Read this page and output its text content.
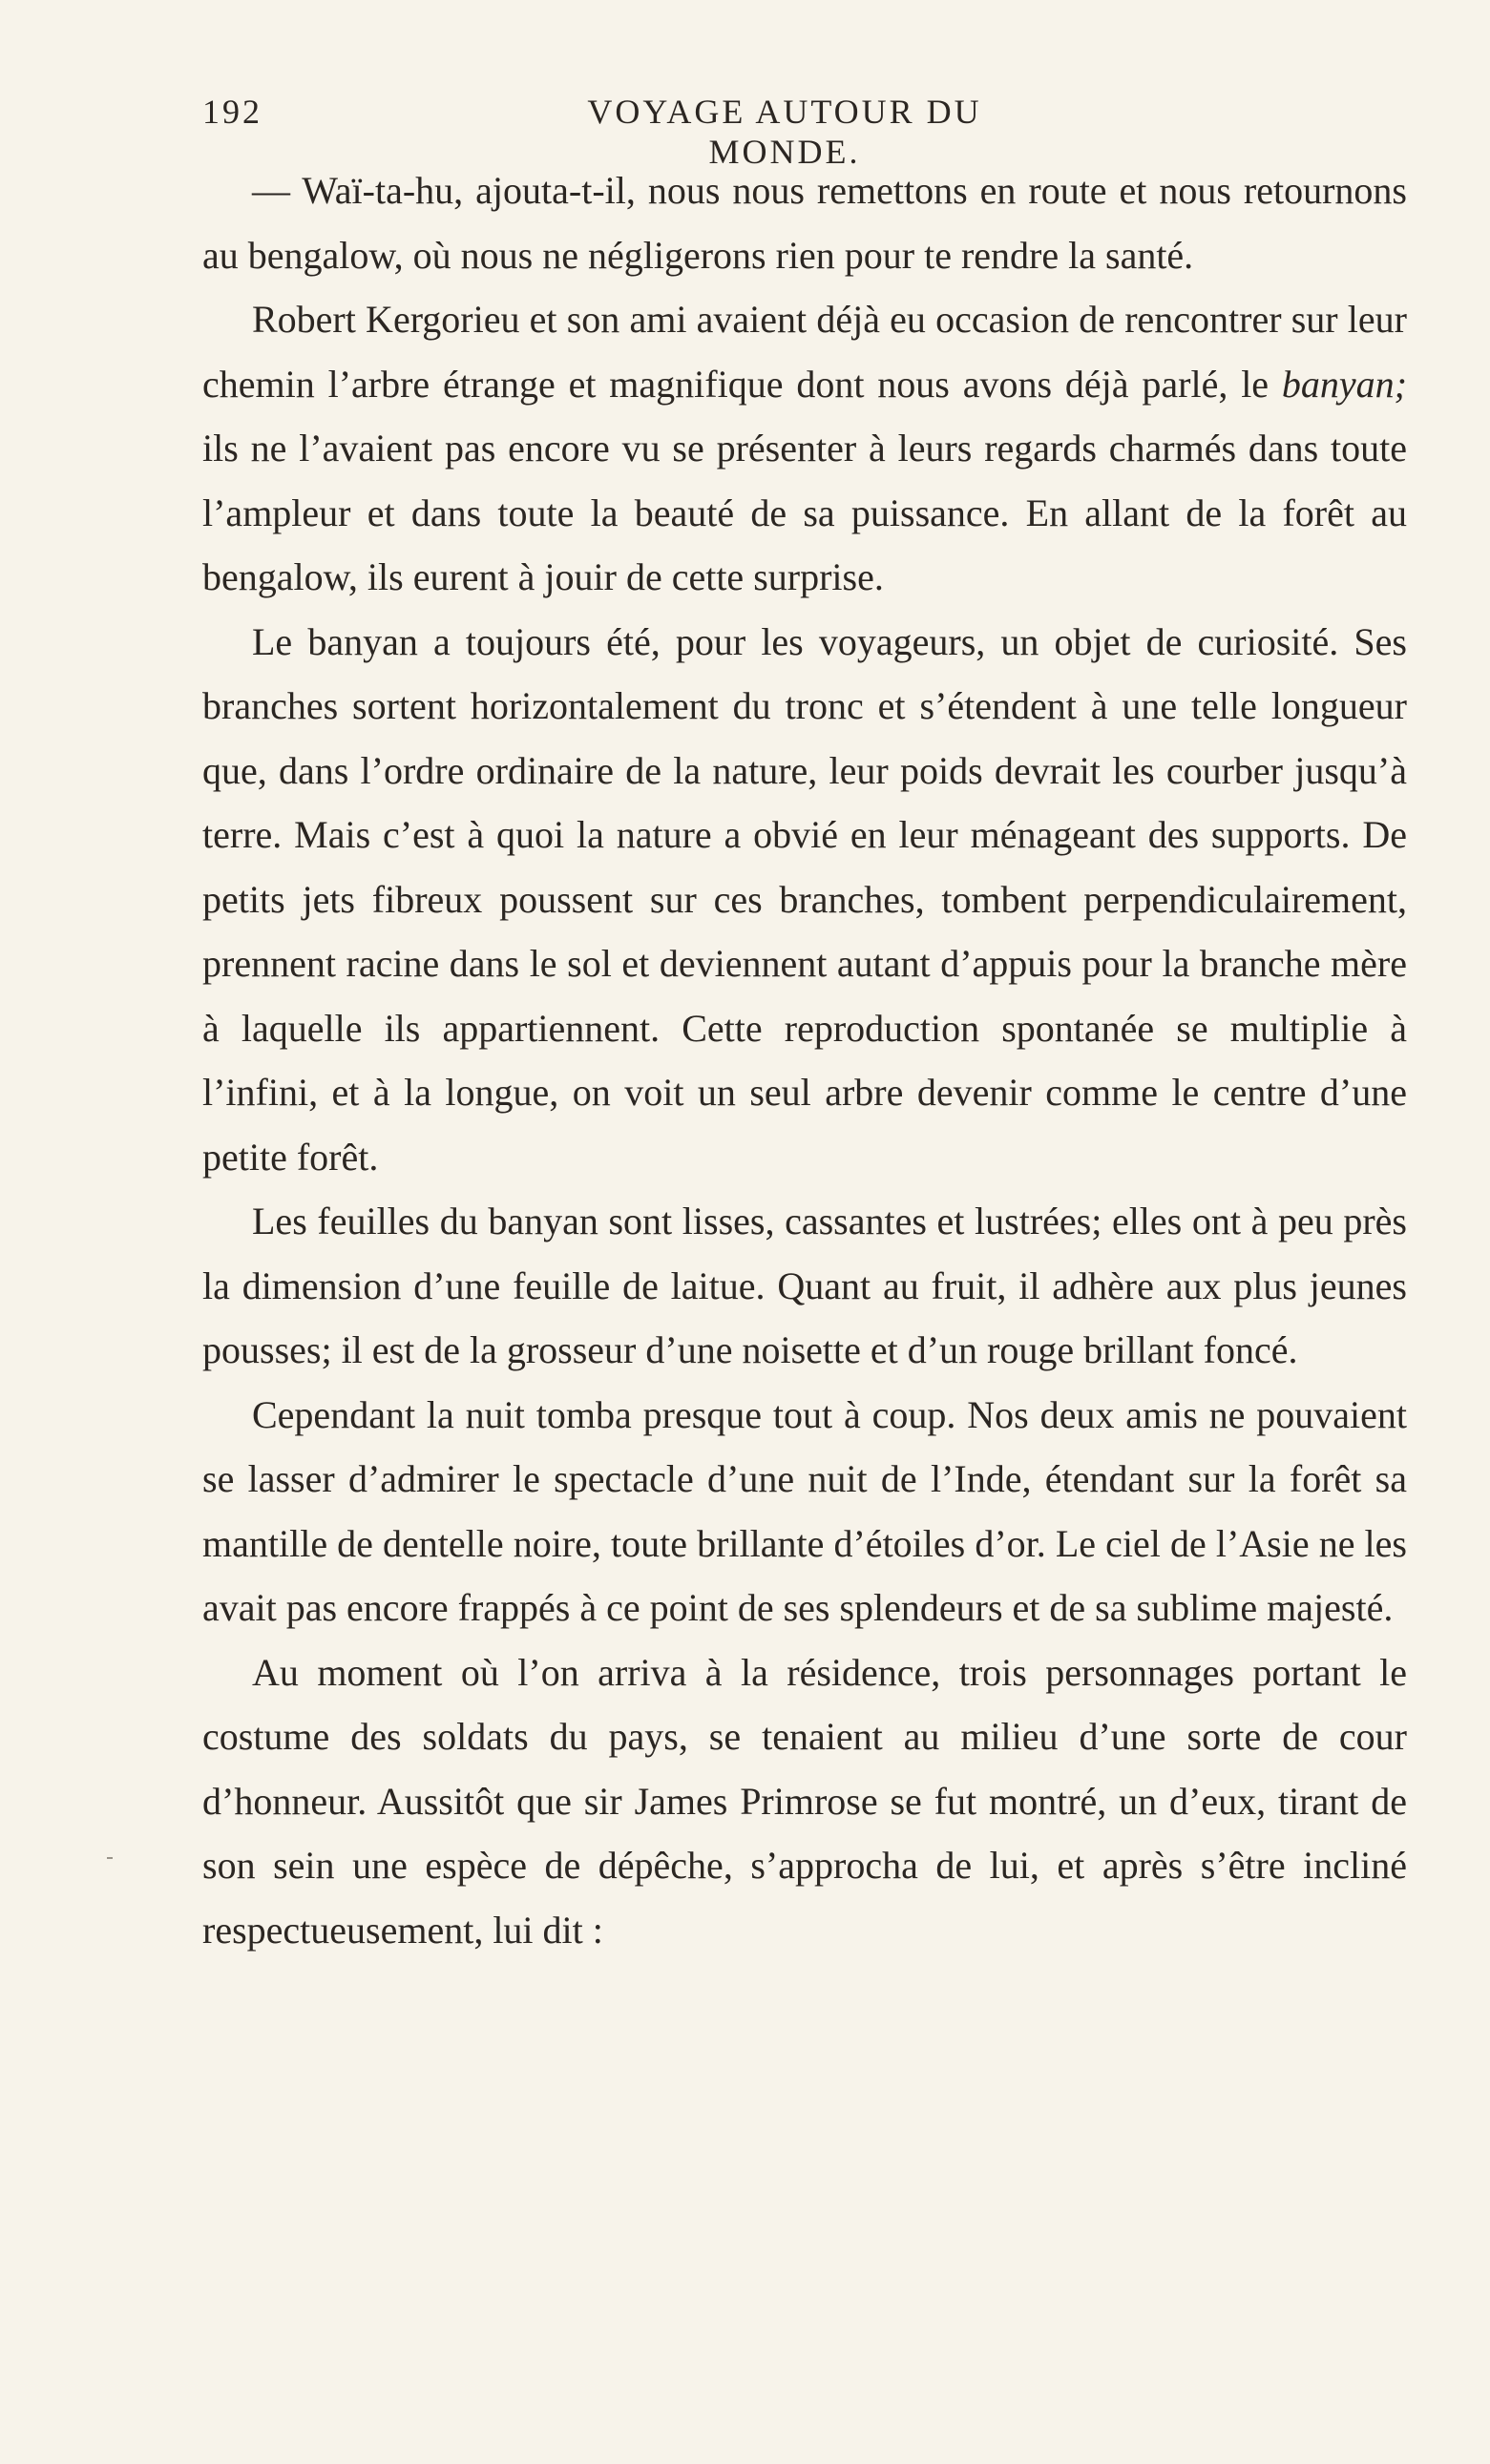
192	VOYAGE AUTOUR DU MONDE.

— Waï-ta-hu, ajouta-t-il, nous nous remettons en route et nous retournons au bengalow, où nous ne négligerons rien pour te rendre la santé.

Robert Kergorieu et son ami avaient déjà eu occasion de rencontrer sur leur chemin l’arbre étrange et magnifique dont nous avons déjà parlé, le banyan; ils ne l’avaient pas encore vu se présenter à leurs regards charmés dans toute l’ampleur et dans toute la beauté de sa puissance. En allant de la forêt au bengalow, ils eurent à jouir de cette surprise.

Le banyan a toujours été, pour les voyageurs, un objet de curiosité. Ses branches sortent horizontalement du tronc et s’étendent à une telle longueur que, dans l’ordre ordinaire de la nature, leur poids devrait les courber jusqu’à terre. Mais c’est à quoi la nature a obvié en leur ménageant des supports. De petits jets fibreux poussent sur ces branches, tombent perpendiculairement, prennent racine dans le sol et deviennent autant d’appuis pour la branche mère à laquelle ils appartiennent. Cette reproduction spontanée se multiplie à l’infini, et à la longue, on voit un seul arbre devenir comme le centre d’une petite forêt.

Les feuilles du banyan sont lisses, cassantes et lustrées; elles ont à peu près la dimension d’une feuille de laitue. Quant au fruit, il adhère aux plus jeunes pousses; il est de la grosseur d’une noisette et d’un rouge brillant foncé.

Cependant la nuit tomba presque tout à coup. Nos deux amis ne pouvaient se lasser d’admirer le spectacle d’une nuit de l’Inde, étendant sur la forêt sa mantille de dentelle noire, toute brillante d’étoiles d’or. Le ciel de l’Asie ne les avait pas encore frappés à ce point de ses splendeurs et de sa sublime majesté.

Au moment où l’on arriva à la résidence, trois personnages portant le costume des soldats du pays, se tenaient au milieu d’une sorte de cour d’honneur. Aussitôt que sir James Primrose se fut montré, un d’eux, tirant de son sein une espèce de dépêche, s’approcha de lui, et après s’être incliné respectueusement, lui dit :
